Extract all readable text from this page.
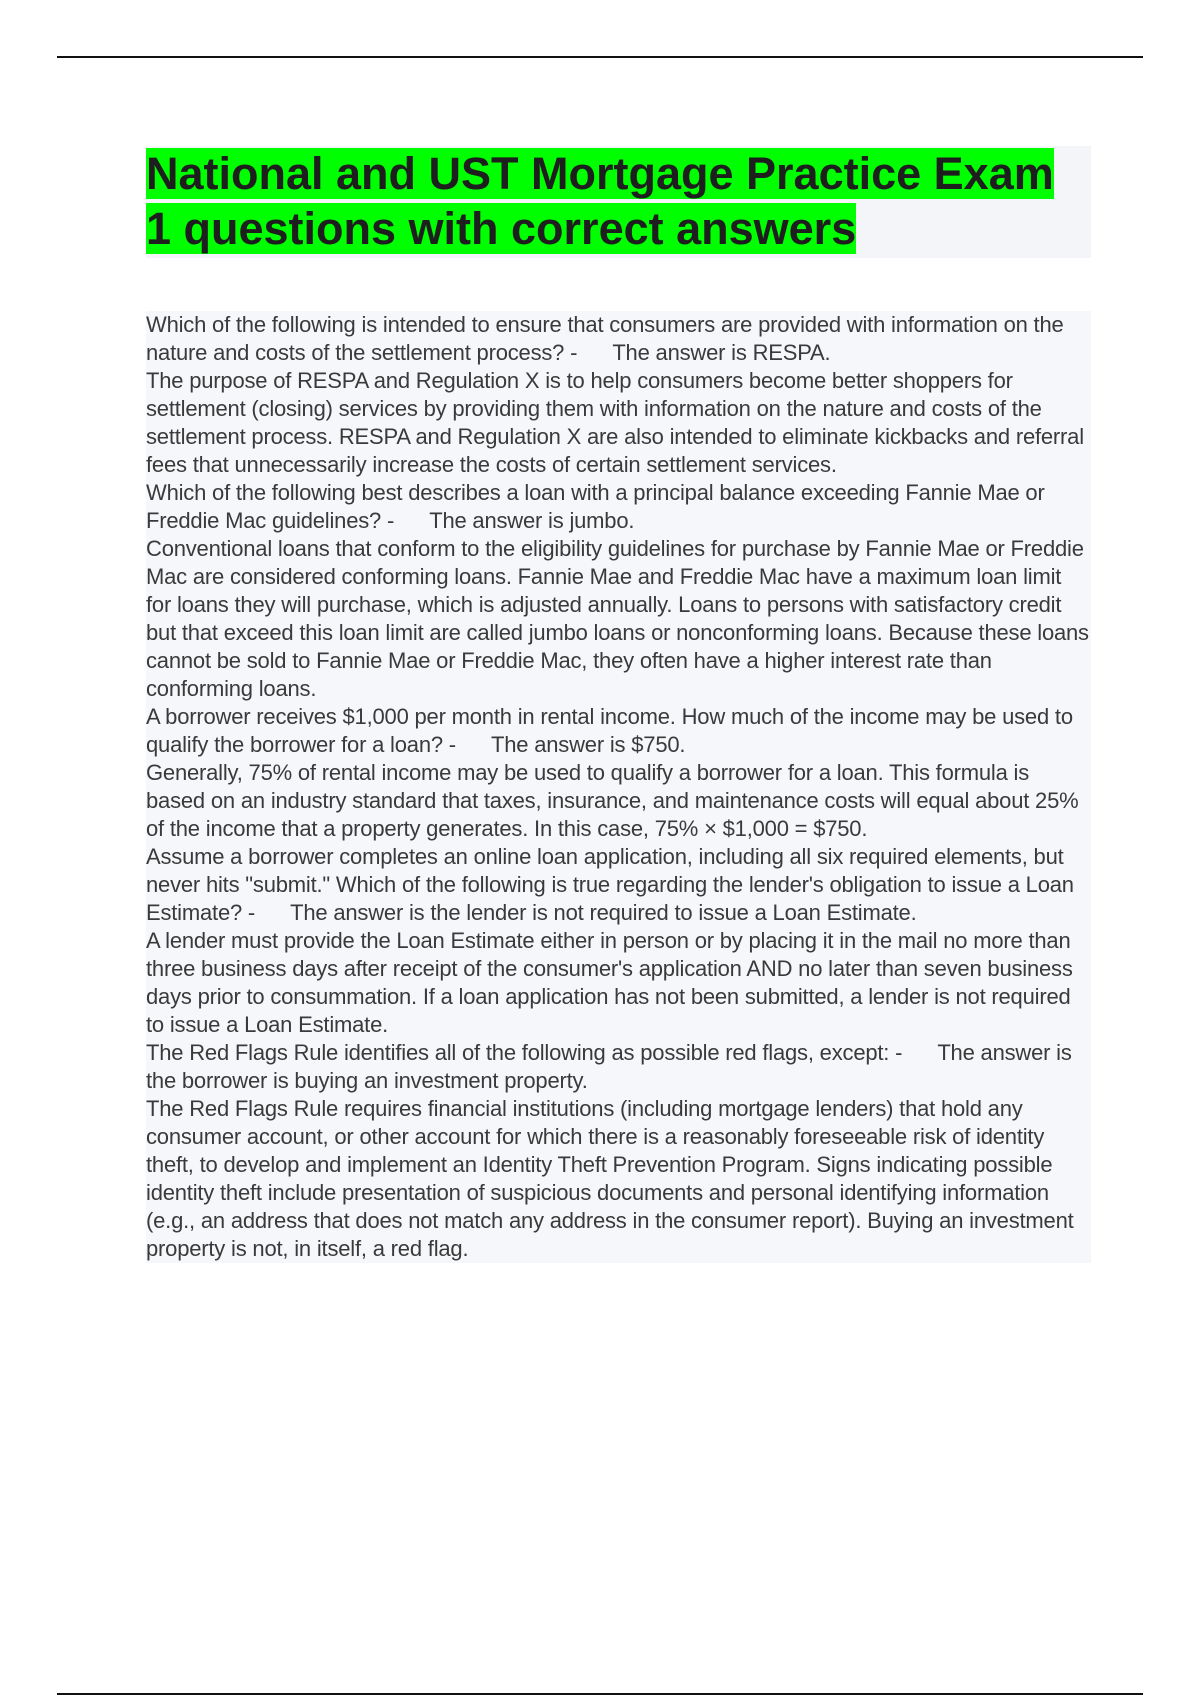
National and UST Mortgage Practice Exam 1 questions with correct answers

Which of the following is intended to ensure that consumers are provided with information on the nature and costs of the settlement process? -      The answer is RESPA.

The purpose of RESPA and Regulation X is to help consumers become better shoppers for settlement (closing) services by providing them with information on the nature and costs of the settlement process. RESPA and Regulation X are also intended to eliminate kickbacks and referral fees that unnecessarily increase the costs of certain settlement services.

Which of the following best describes a loan with a principal balance exceeding Fannie Mae or Freddie Mac guidelines? -      The answer is jumbo.

Conventional loans that conform to the eligibility guidelines for purchase by Fannie Mae or Freddie Mac are considered conforming loans. Fannie Mae and Freddie Mac have a maximum loan limit for loans they will purchase, which is adjusted annually. Loans to persons with satisfactory credit but that exceed this loan limit are called jumbo loans or nonconforming loans. Because these loans cannot be sold to Fannie Mae or Freddie Mac, they often have a higher interest rate than conforming loans.

A borrower receives $1,000 per month in rental income. How much of the income may be used to qualify the borrower for a loan? -      The answer is $750.

Generally, 75% of rental income may be used to qualify a borrower for a loan. This formula is based on an industry standard that taxes, insurance, and maintenance costs will equal about 25% of the income that a property generates. In this case, 75% × $1,000 = $750.

Assume a borrower completes an online loan application, including all six required elements, but never hits "submit." Which of the following is true regarding the lender's obligation to issue a Loan Estimate? -      The answer is the lender is not required to issue a Loan Estimate.

A lender must provide the Loan Estimate either in person or by placing it in the mail no more than three business days after receipt of the consumer's application AND no later than seven business days prior to consummation. If a loan application has not been submitted, a lender is not required to issue a Loan Estimate.

The Red Flags Rule identifies all of the following as possible red flags, except: -      The answer is the borrower is buying an investment property.

The Red Flags Rule requires financial institutions (including mortgage lenders) that hold any consumer account, or other account for which there is a reasonably foreseeable risk of identity theft, to develop and implement an Identity Theft Prevention Program. Signs indicating possible identity theft include presentation of suspicious documents and personal identifying information (e.g., an address that does not match any address in the consumer report). Buying an investment property is not, in itself, a red flag.
